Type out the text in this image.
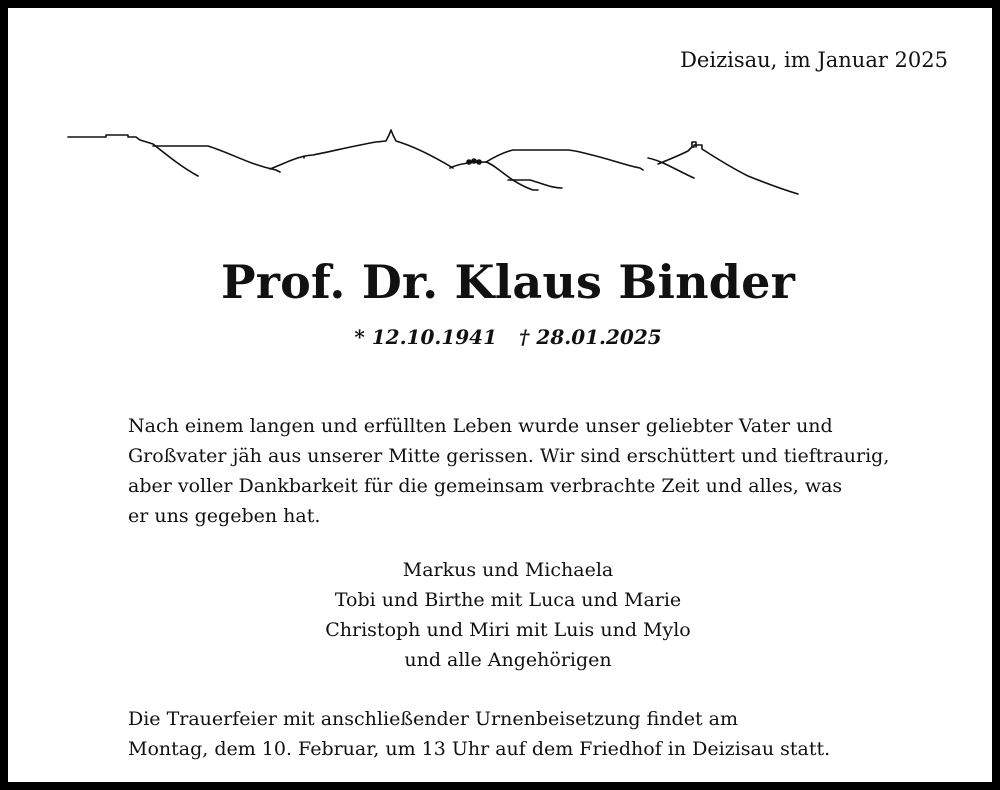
Deizisau, im Januar 2025
Prof. Dr. Klaus Binder
* 12.10.1941 † 28.01.2025
Nach einem langen und erfüllten Leben wurde unser geliebter Vater und
Großvater jäh aus unserer Mitte gerissen. Wir sind erschüttert und tieftraurig,
aber voller Dankbarkeit für die gemeinsam verbrachte Zeit und alles, was
er uns gegeben hat.
Markus und Michaela
Tobi und Birthe mit Luca und Marie
Christoph und Miri mit Luis und Mylo
und alle Angehörigen
Die Trauerfeier mit anschließender Urnenbeisetzung findet am
Montag, dem 10. Februar, um 13 Uhr auf dem Friedhof in Deizisau statt.
